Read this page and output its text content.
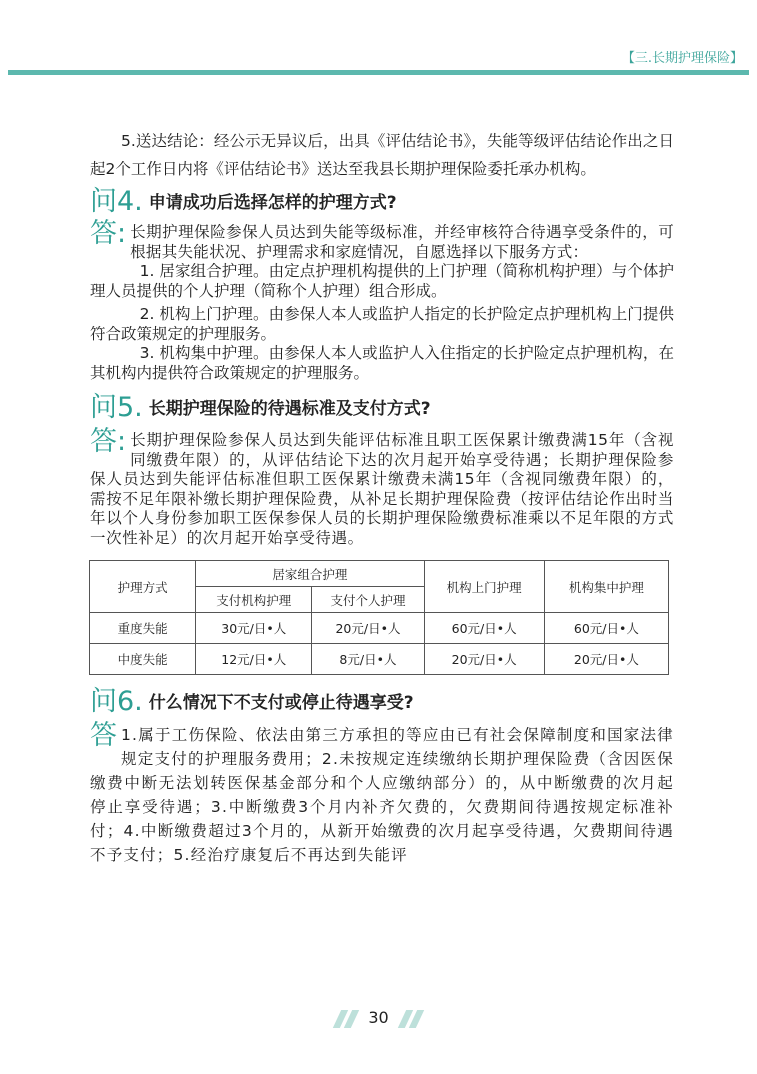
【三.长期护理保险】

5.送达结论：经公示无异议后，出具《评估结论书》，失能等级评估结论作出之日起2个工作日内将《评估结论书》送达至我县长期护理保险委托承办机构。

问4. 申请成功后选择怎样的护理方式?
答: 长期护理保险参保人员达到失能等级标准，并经审核符合待遇享受条件的，可根据其失能状况、护理需求和家庭情况，自愿选择以下服务方式：
1. 居家组合护理。由定点护理机构提供的上门护理（简称机构护理）与个体护理人员提供的个人护理（简称个人护理）组合形成。
2. 机构上门护理。由参保人本人或监护人指定的长护险定点护理机构上门提供符合政策规定的护理服务。
3. 机构集中护理。由参保人本人或监护人入住指定的长护险定点护理机构，在其机构内提供符合政策规定的护理服务。
问5. 长期护理保险的待遇标准及支付方式?
答: 长期护理保险参保人员达到失能评估标准且职工医保累计缴费满15年（含视同缴费年限）的，从评估结论下达的次月起开始享受待遇；长期护理保险参保人员达到失能评估标准但职工医保累计缴费未满15年（含视同缴费年限）的，需按不足年限补缴长期护理保险费，从补足长期护理保险费（按评估结论作出时当年以个人身份参加职工医保参保人员的长期护理保险缴费标准乘以不足年限的方式一次性补足）的次月起开始享受待遇。
护理方式	居家组合护理		机构上门护理	机构集中护理
	支付机构护理	支付个人护理		
重度失能	30元/日•人	20元/日•人	60元/日•人	60元/日•人
中度失能	12元/日•人	8元/日•人	20元/日•人	20元/日•人
问6. 什么情况下不支付或停止待遇享受?
答 1.属于工伤保险、依法由第三方承担的等应由已有社会保障制度和国家法律规定支付的护理服务费用；2.未按规定连续缴纳长期护理保险费（含因医保缴费中断无法划转医保基金部分和个人应缴纳部分）的，从中断缴费的次月起停止享受待遇；3.中断缴费3个月内补齐欠费的，欠费期间待遇按规定标准补付；4.中断缴费超过3个月的，从新开始缴费的次月起享受待遇，欠费期间待遇不予支付；5.经治疗康复后不再达到失能评
30
